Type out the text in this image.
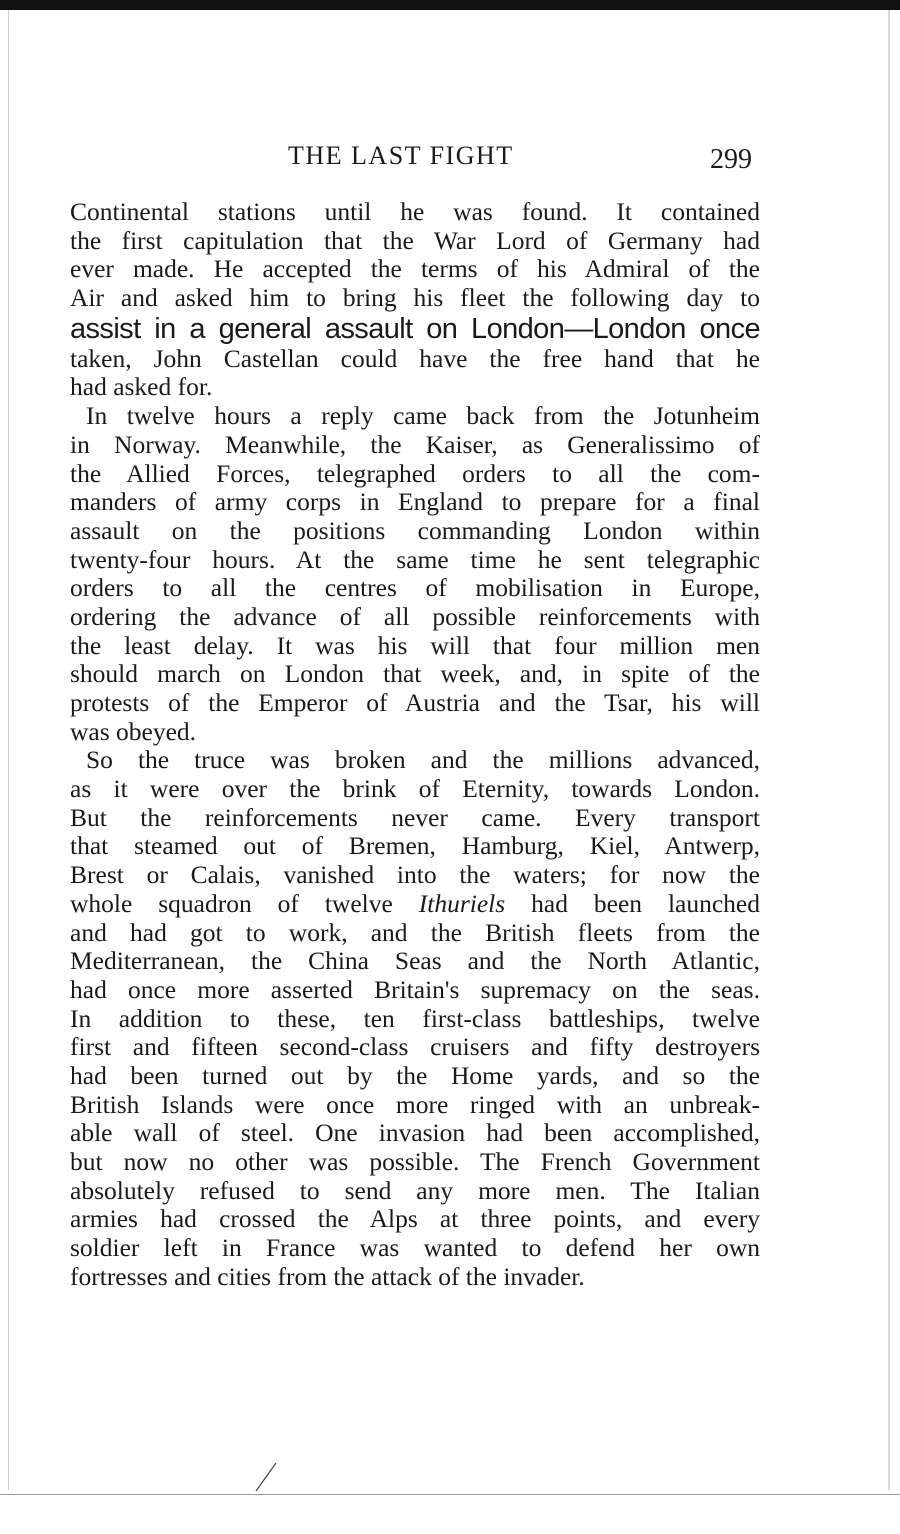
THE LAST FIGHT	299
Continental stations until he was found. It contained
the first capitulation that the War Lord of Germany had
ever made. He accepted the terms of his Admiral of the
Air and asked him to bring his fleet the following day to
assist in a general assault on London—London once
taken, John Castellan could have the free hand that he
had asked for.
In twelve hours a reply came back from the Jotunheim
in Norway. Meanwhile, the Kaiser, as Generalissimo of
the Allied Forces, telegraphed orders to all the com-
manders of army corps in England to prepare for a final
assault on the positions commanding London within
twenty-four hours. At the same time he sent telegraphic
orders to all the centres of mobilisation in Europe,
ordering the advance of all possible reinforcements with
the least delay. It was his will that four million men
should march on London that week, and, in spite of the
protests of the Emperor of Austria and the Tsar, his will
was obeyed.
So the truce was broken and the millions advanced,
as it were over the brink of Eternity, towards London.
But the reinforcements never came. Every transport
that steamed out of Bremen, Hamburg, Kiel, Antwerp,
Brest or Calais, vanished into the waters; for now the
whole squadron of twelve Ithuriels had been launched
and had got to work, and the British fleets from the
Mediterranean, the China Seas and the North Atlantic,
had once more asserted Britain's supremacy on the seas.
In addition to these, ten first-class battleships, twelve
first and fifteen second-class cruisers and fifty destroyers
had been turned out by the Home yards, and so the
British Islands were once more ringed with an unbreak-
able wall of steel. One invasion had been accomplished,
but now no other was possible. The French Government
absolutely refused to send any more men. The Italian
armies had crossed the Alps at three points, and every
soldier left in France was wanted to defend her own
fortresses and cities from the attack of the invader.
